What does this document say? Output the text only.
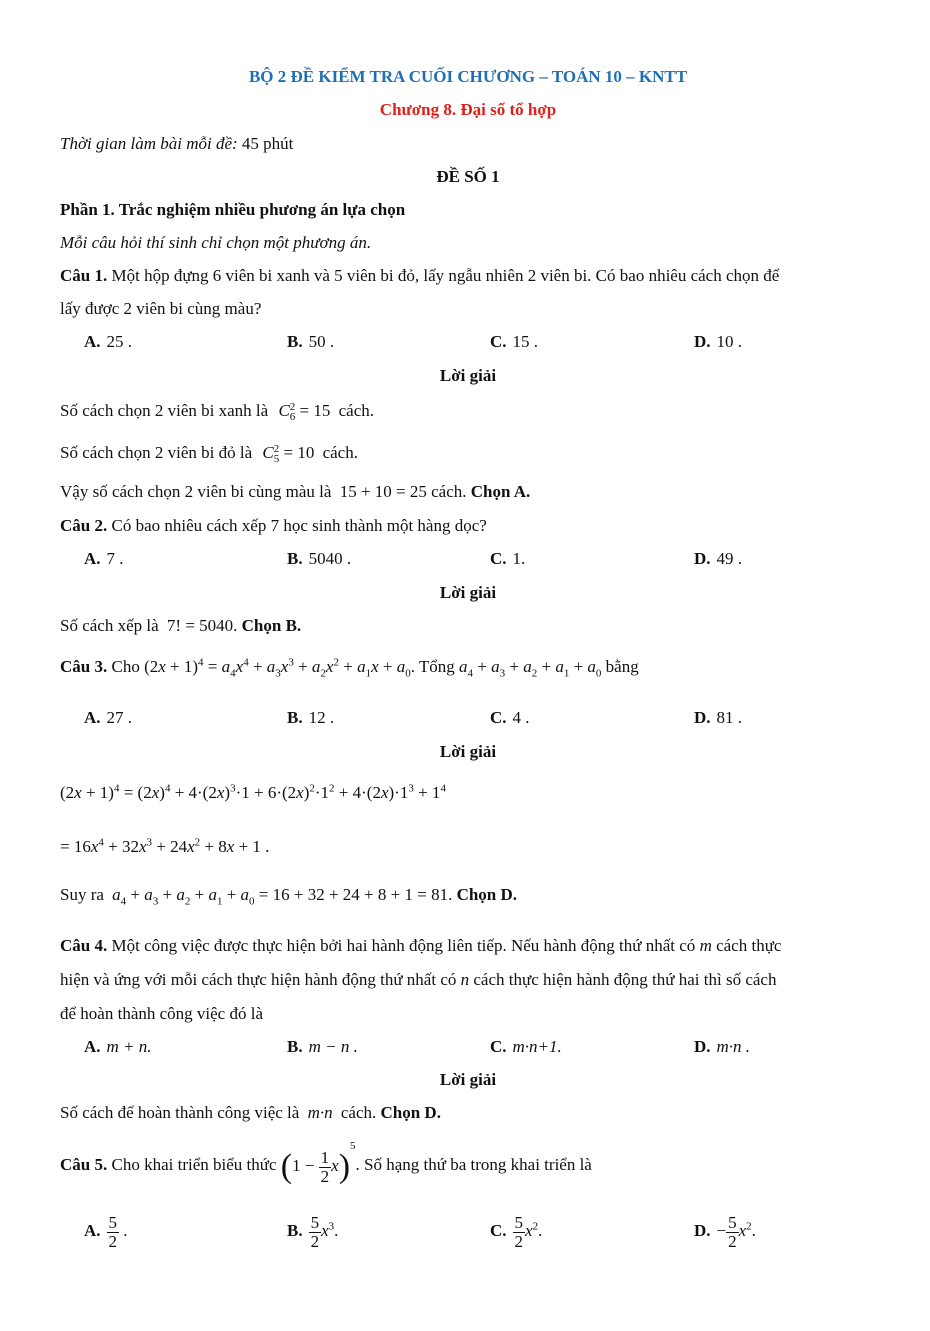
BỘ 2 ĐỀ KIỂM TRA CUỐI CHƯƠNG – TOÁN 10 – KNTT
Chương 8. Đại số tổ hợp
Thời gian làm bài mỗi đề: 45 phút
ĐỀ SỐ 1
Phần 1. Trắc nghiệm nhiều phương án lựa chọn
Mỗi câu hỏi thí sinh chỉ chọn một phương án.
Câu 1. Một hộp đựng 6 viên bi xanh và 5 viên bi đỏ, lấy ngẫu nhiên 2 viên bi. Có bao nhiêu cách chọn để
lấy được 2 viên bi cùng màu?
A. 25 .	B. 50 .	C. 15 .	D. 10 .
Lời giải
Số cách chọn 2 viên bi xanh là C 2
6 = 15 cách.
Số cách chọn 2 viên bi đỏ là C 2
5 = 10 cách.
Vậy số cách chọn 2 viên bi cùng màu là 15 + 10 = 25 cách. Chọn A.
Câu 2. Có bao nhiêu cách xếp 7 học sinh thành một hàng dọc?
A. 7 .	B. 5040 .	C. 1.	D. 49 .
Lời giải
Số cách xếp là 7! = 5040. Chọn B.
Câu 3. Cho $(2x + 1)^4 = a_4x^4 + a_3x^3 + a_2x^2 + a_1x + a_0$. Tổng $a_4 + a_3 + a_2 + a_1 + a_0$ bằng
A. 27 .	B. 12 .	C. 4 .	D. 81 .
Lời giải
$(2x + 1)^4 = (2x)^4 + 4\cdot(2x)^3\cdot 1 + 6\cdot(2x)^2\cdot 1^2 + 4\cdot(2x)\cdot 1^3 + 1^4$
= $16x^4 + 32x^3 + 24x^2 + 8x + 1$ .
Suy ra $a_4 + a_3 + a_2 + a_1 + a_0 = 16 + 32 + 24 + 8 + 1 = 81$. Chọn D.
Câu 4. Một công việc được thực hiện bởi hai hành động liên tiếp. Nếu hành động thứ nhất có m cách thực
hiện và ứng với mỗi cách thực hiện hành động thứ nhất có n cách thực hiện hành động thứ hai thì số cách
để hoàn thành công việc đó là
A. m + n.	B. m − n .	C. m·n+1.	D. m·n .
Lời giải
Số cách để hoàn thành công việc là m·n cách. Chọn D.
Câu 5. Cho khai triển biểu thức $(1 - \frac{1}{2} x)^5$. Số hạng thứ ba trong khai triển là
A. $\frac{5}{2}$ .	B. $\frac{5}{2} x^3$.	C. $\frac{5}{2} x^2$.	D. − $\frac{5}{2} x^2$.
